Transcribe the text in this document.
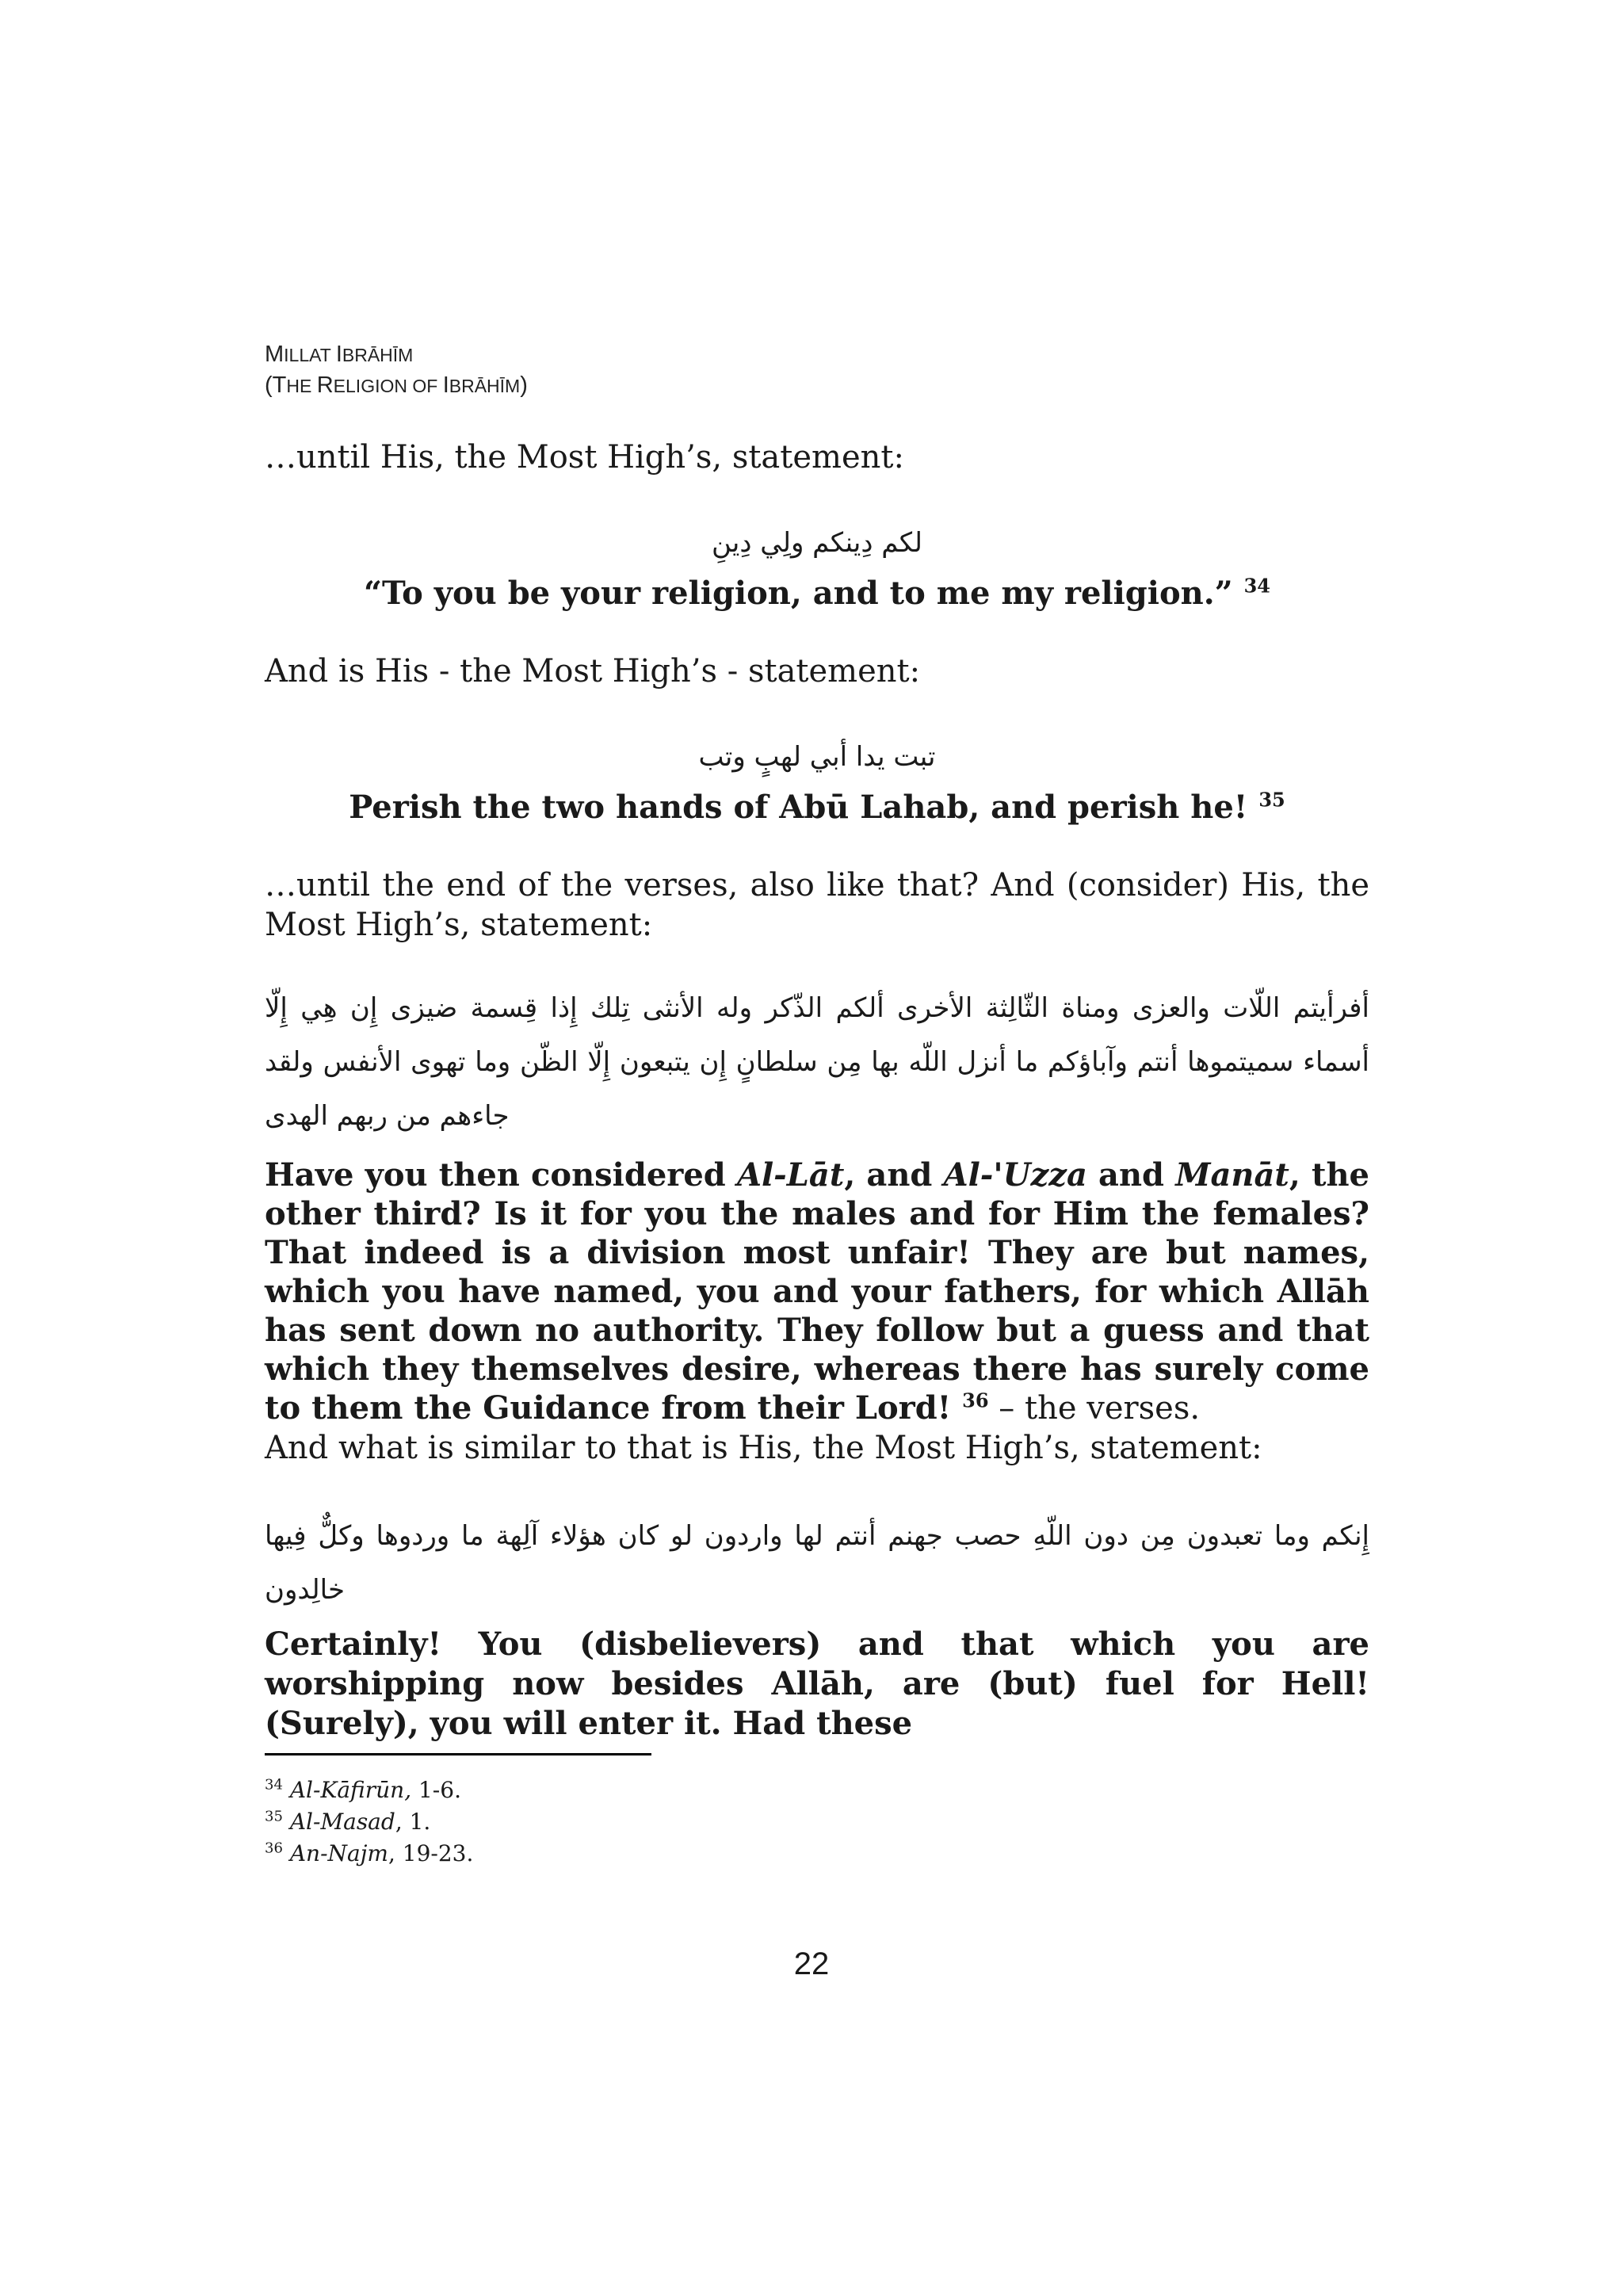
MILLAT IBRĀHĪM
(THE RELIGION OF IBRĀHĪM)

…until His, the Most High’s, statement:

لكم دِينكم ولِي دِينِ

“To you be your religion, and to me my religion.” $^{34}$

And is His - the Most High’s - statement:

تبت يدا أبي لهبٍ وتب

Perish the two hands of Abū Lahab, and perish he! $^{35}$

…until the end of the verses, also like that? And (consider) His, the Most High’s, statement:

أفرأيتم اللّات والعزى ومناة الثّالِثة الأخرى ألكم الذّكر وله الأنثى تِلك إِذا قِسمة ضيزى إِن هِي إِلّا أسماء سميتموها أنتم وآباؤكم ما أنزل اللّه بها مِن سلطانٍ إِن يتبعون إِلّا الظّن وما تهوى الأنفس ولقد جاءهم من ربهم الهدى

Have you then considered Al-Lāt, and Al-'Uzza and Manāt, the other third? Is it for you the males and for Him the females? That indeed is a division most unfair! They are but names, which you have named, you and your fathers, for which Allāh has sent down no authority. They follow but a guess and that which they themselves desire, whereas there has surely come to them the Guidance from their Lord! $^{36}$ – the verses.

And what is similar to that is His, the Most High’s, statement:

إِنكم وما تعبدون مِن دون اللّهِ حصب جهنم أنتم لها واردون لو كان هؤلاء آلِهة ما وردوها وكلٌّ فِيها خالِدون

Certainly! You (disbelievers) and that which you are worshipping now besides Allāh, are (but) fuel for Hell! (Surely), you will enter it. Had these

$^{34}$ Al-Kāfirūn, 1-6.
$^{35}$ Al-Masad, 1.
$^{36}$ An-Najm, 19-23.
22
